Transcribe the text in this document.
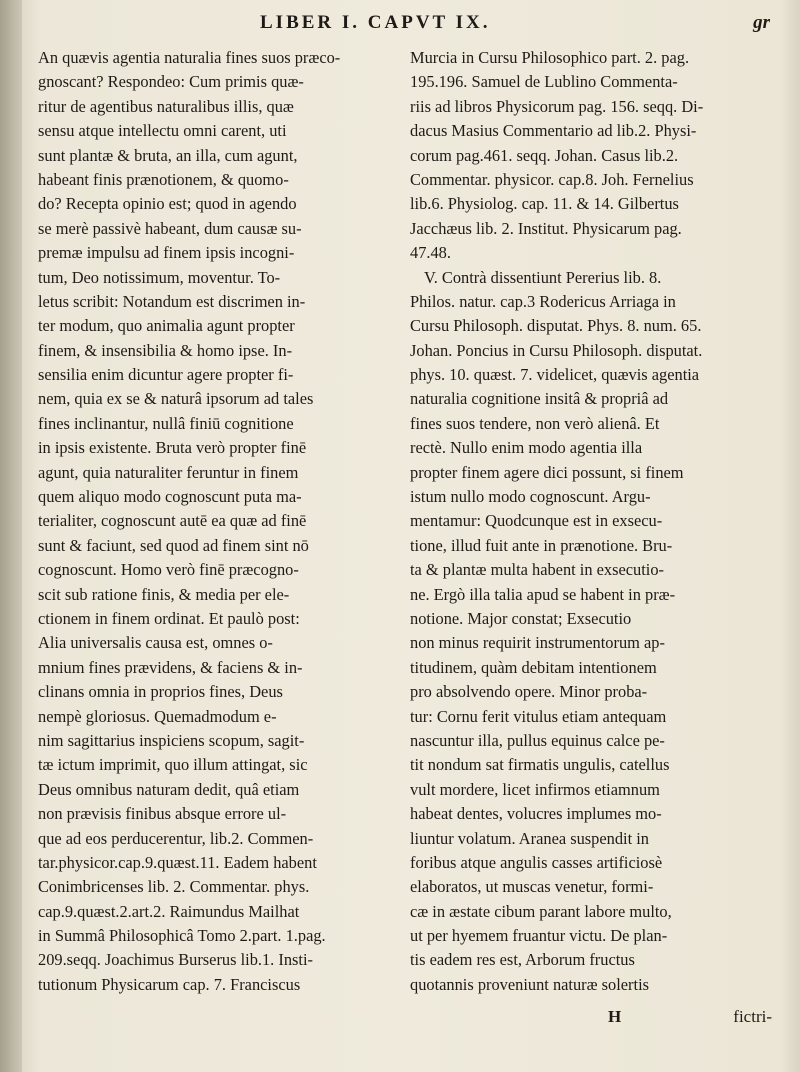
LIBER I. CAPVT IX.	gr
An quævis agentia naturalia fines suos præco-
gnoscant? Respondeo: Cum primis quæ-
ritur de agentibus naturalibus illis, quæ
sensu atque intellectu omni carent, uti
sunt plantæ & bruta, an illa, cum agunt,
habeant finis prænotionem, & quomo-
do? Recepta opinio est; quod in agendo
se merè passivè habeant, dum causæ su-
premæ impulsu ad finem ipsis incogni-
tum, Deo notissimum, moventur. To-
letus scribit: Notandum est discrimen in-
ter modum, quo animalia agunt propter
finem, & insensibilia & homo ipse. In-
sensilia enim dicuntur agere propter fi-
nem, quia ex se & naturâ ipsorum ad tales
fines inclinantur, nullâ finiū cognitione
in ipsis existente. Bruta verò propter finē
agunt, quia naturaliter feruntur in finem
quem aliquo modo cognoscunt puta ma-
terialiter, cognoscunt autē ea quæ ad finē
sunt & faciunt, sed quod ad finem sint nō
cognoscunt. Homo verò finē præcogno-
scit sub ratione finis, & media per ele-
ctionem in finem ordinat. Et paulò post:
Alia universalis causa est, omnes o-
mnium fines prævidens, & faciens & in-
clinans omnia in proprios fines, Deus
nempè gloriosus. Quemadmodum e-
nim sagittarius inspiciens scopum, sagit-
tæ ictum imprimit, quo illum attingat, sic
Deus omnibus naturam dedit, quâ etiam
non prævisis finibus absque errore ul-
que ad eos perducerentur, lib.2. Commen-
tar.physicor.cap.9.quæst.11. Eadem habent
Conimbricenses lib. 2. Commentar. phys.
cap.9.quæst.2.art.2. Raimundus Mailhat
in Summâ Philosophicâ Tomo 2.part. 1.pag.
209.seqq. Joachimus Burserus lib.1. Insti-
tutionum Physicarum cap. 7. Franciscus
Murcia in Cursu Philosophico part. 2. pag.
195.196. Samuel de Lublino Commenta-
riis ad libros Physicorum pag. 156. seqq. Di-
dacus Masius Commentario ad lib.2. Physi-
corum pag.461. seqq. Johan. Casus lib.2.
Commentar. physicor. cap.8. Joh. Fernelius
lib.6. Physiolog. cap. 11. & 14. Gilbertus
Jacchæus lib. 2. Institut. Physicarum pag.
47.48.
V. Contrà dissentiunt Pererius lib. 8.
Philos. natur. cap.3 Rodericus Arriaga in
Cursu Philosoph. disputat. Phys. 8. num. 65.
Johan. Poncius in Cursu Philosoph. disputat.
phys. 10. quæst. 7. videlicet, quævis agentia
naturalia cognitione insitâ & propriâ ad
fines suos tendere, non verò alienâ. Et
rectè. Nullo enim modo agentia illa
propter finem agere dici possunt, si finem
istum nullo modo cognoscunt. Argu-
mentamur: Quodcunque est in exsecu-
tione, illud fuit ante in prænotione. Bru-
ta & plantæ multa habent in exsecutio-
ne. Ergò illa talia apud se habent in præ-
notione. Major constat; Exsecutio
non minus requirit instrumentorum ap-
titudinem, quàm debitam intentionem
pro absolvendo opere. Minor proba-
tur: Cornu ferit vitulus etiam antequam
nascuntur illa, pullus equinus calce pe-
tit nondum sat firmatis ungulis, catellus
vult mordere, licet infirmos etiamnum
habeat dentes, volucres implumes mo-
liuntur volatum. Aranea suspendit in
foribus atque angulis casses artificiosè
elaboratos, ut muscas venetur, formi-
cæ in æstate cibum parant labore multo,
ut per hyemem fruantur victu. De plan-
tis eadem res est, Arborum fructus
quotannis proveniunt naturæ solertis
H	fictri-
